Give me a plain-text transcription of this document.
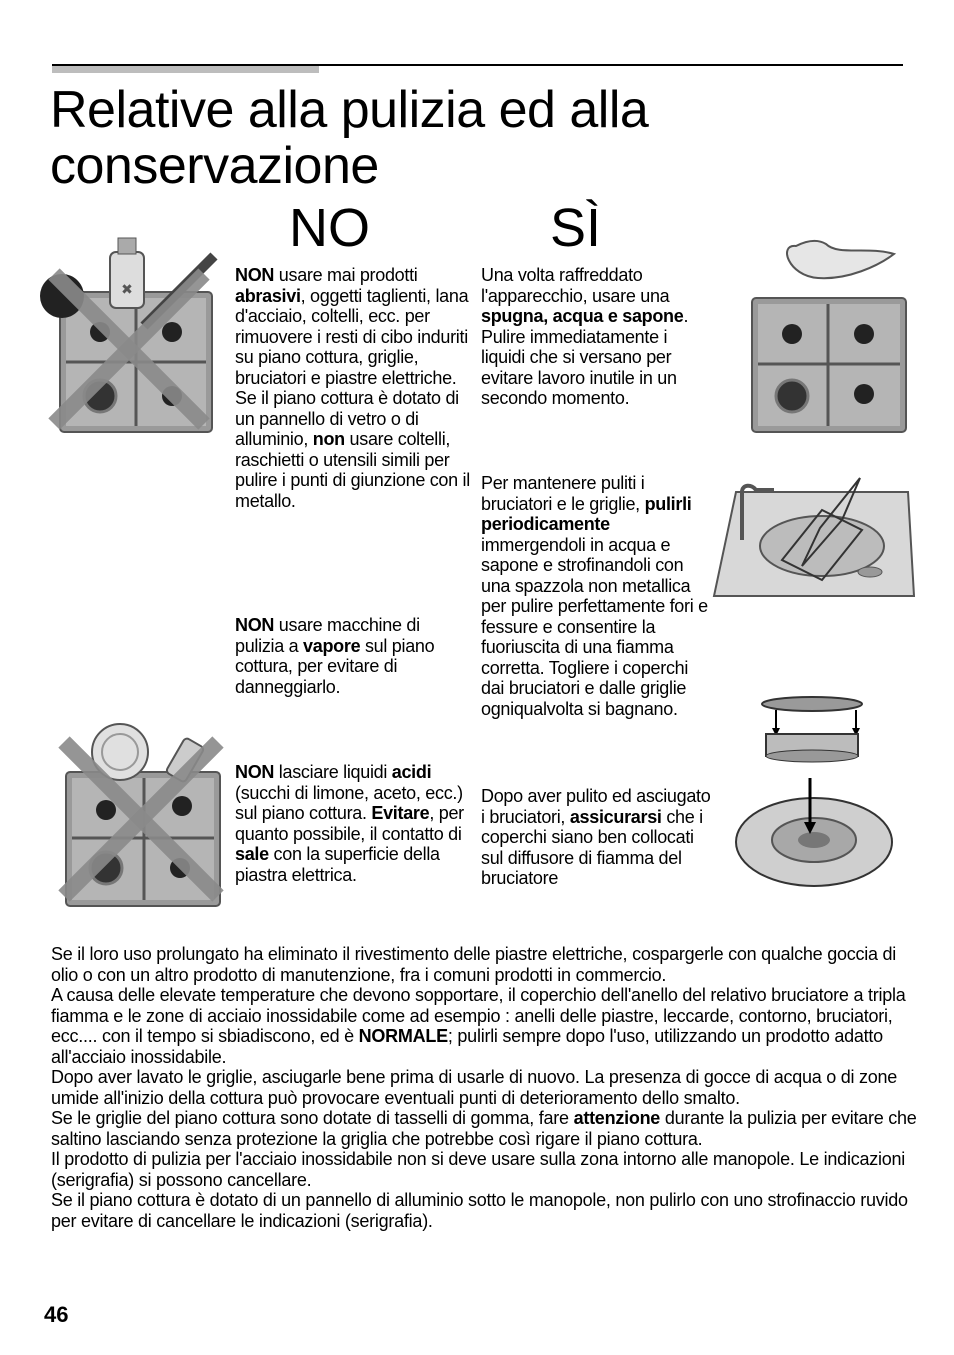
Relative alla pulizia ed alla
conservazione
NO	SÌ
NON usare mai prodotti abrasivi, oggetti taglienti, lana d'acciaio, coltelli, ecc. per rimuovere i resti di cibo induriti su piano cottura, griglie, bruciatori e piastre elettriche. Se il piano cottura è dotato di un pannello di vetro o di alluminio, non usare coltelli, raschietti o utensili simili per pulire i punti di giunzione con il metallo.
NON usare macchine di pulizia a vapore sul piano cottura, per evitare di danneggiarlo.
NON lasciare liquidi acidi (succhi di limone, aceto, ecc.) sul piano cottura. Evitare, per quanto possibile, il contatto di sale con la superficie della piastra elettrica.
Una volta raffreddato l'apparecchio, usare una spugna, acqua e sapone. Pulire immediatamente i liquidi che si versano per evitare lavoro inutile in un secondo momento.
Per mantenere puliti i bruciatori e le griglie, pulirli periodicamente immergendoli in acqua e sapone e strofinandoli con una spazzola non metallica per pulire perfettamente fori e fessure e consentire la fuoriuscita di una fiamma corretta. Togliere i coperchi dai bruciatori e dalle griglie ogniqualvolta si bagnano.
Dopo aver pulito ed asciugato i bruciatori, assicurarsi che i coperchi siano ben collocati sul diffusore di fiamma del bruciatore
✖

Se il loro uso prolungato ha eliminato il rivestimento delle piastre elettriche, cospargerle con qualche goccia di olio o con un altro prodotto di manutenzione, fra i comuni prodotti in commercio.

A causa delle elevate temperature che devono sopportare, il coperchio dell'anello del relativo bruciatore a tripla fiamma e le zone di acciaio inossidabile come ad esempio : anelli delle piastre, leccarde, contorno, bruciatori, ecc.... con il tempo si sbiadiscono, ed è NORMALE; pulirli sempre dopo l'uso, utilizzando un prodotto adatto all'acciaio inossidabile.

Dopo aver lavato le griglie, asciugarle bene prima di usarle di nuovo. La presenza di gocce di acqua o di zone umide all'inizio della cottura può provocare eventuali punti di deterioramento dello smalto.

Se le griglie del piano cottura sono dotate di tasselli di gomma, fare attenzione durante la pulizia per evitare che saltino lasciando senza protezione la griglia che potrebbe così rigare il piano cottura.

Il prodotto di pulizia per l'acciaio inossidabile non si deve usare sulla zona intorno alle manopole. Le indicazioni (serigrafia) si possono cancellare.

Se il piano cottura è dotato di un pannello di alluminio sotto le manopole, non pulirlo con uno strofinaccio ruvido per evitare di cancellare le indicazioni (serigrafia).

46
